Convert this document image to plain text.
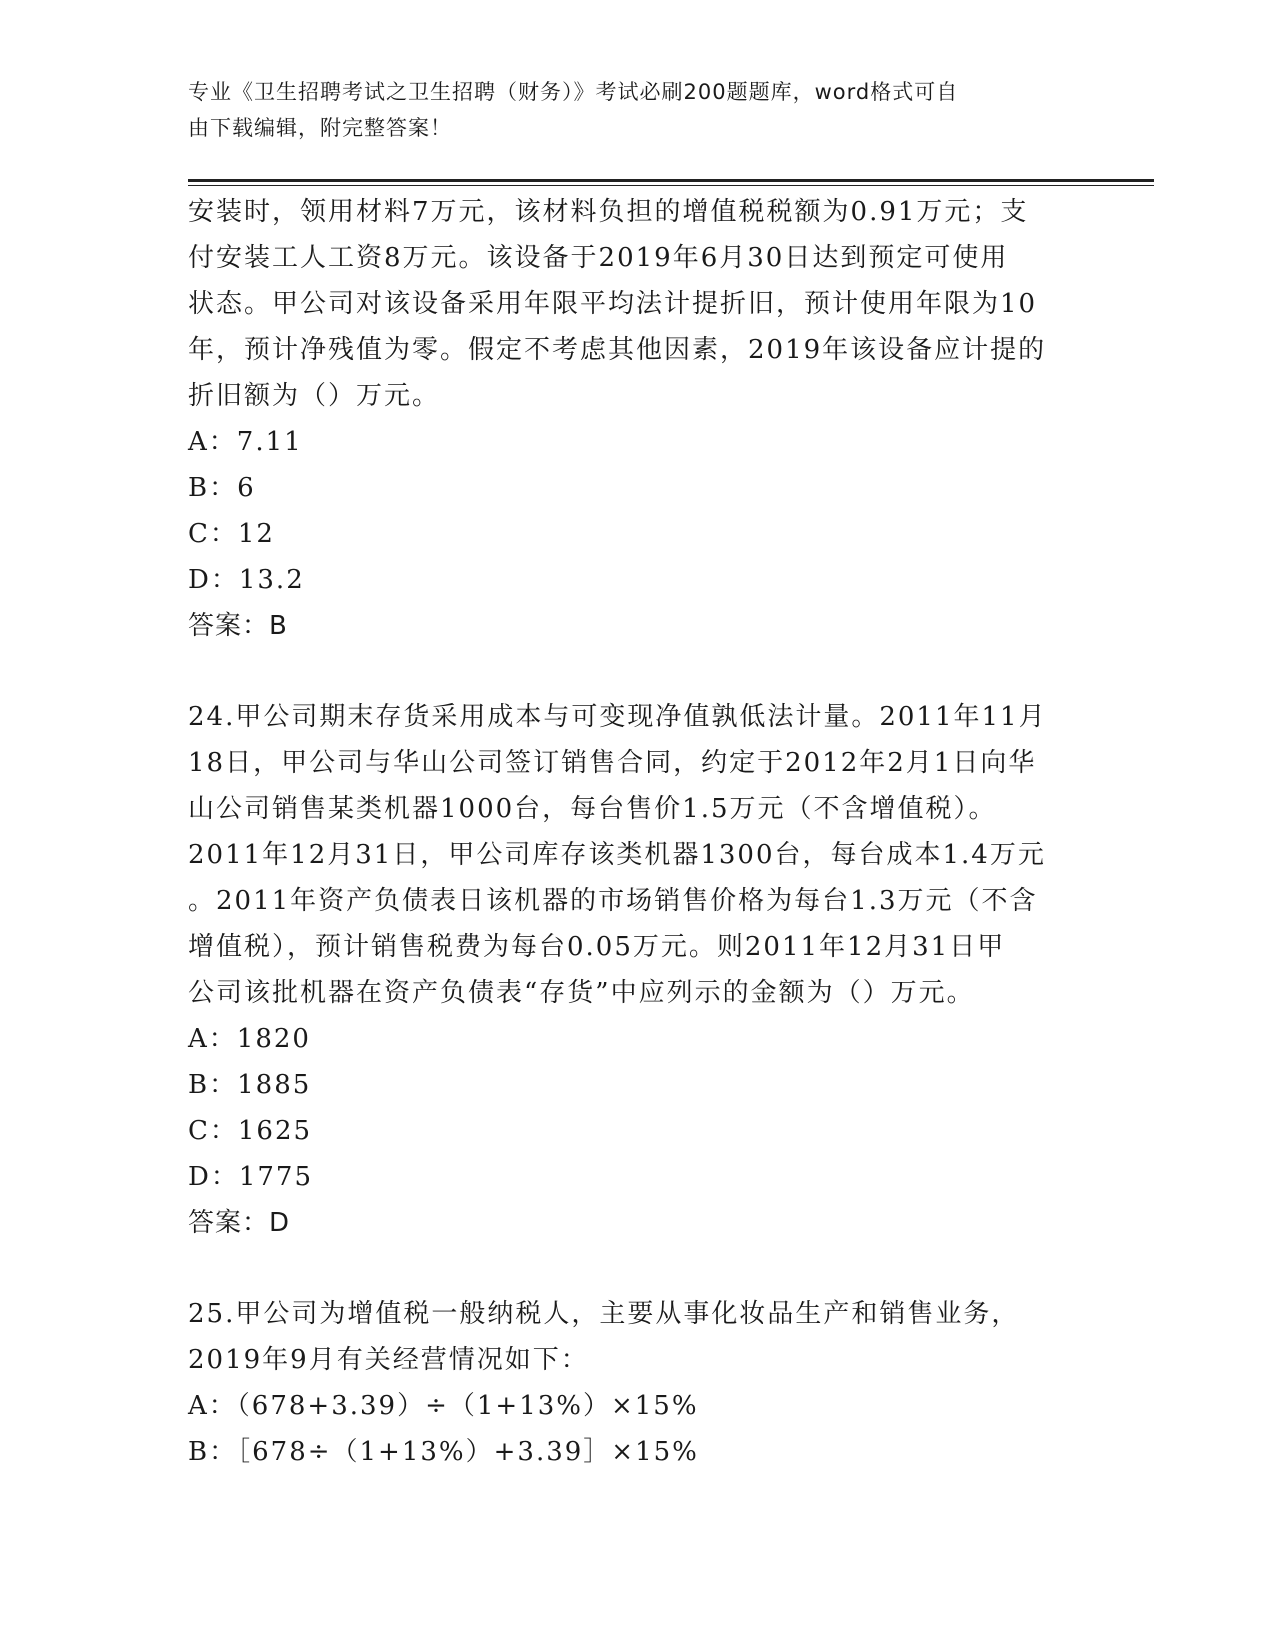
专业《卫生招聘考试之卫生招聘（财务）》考试必刷200题题库，word格式可自
由下载编辑，附完整答案！
安装时，领用材料7万元，该材料负担的增值税税额为0.91万元；支
付安装工人工资8万元。该设备于2019年6月30日达到预定可使用
状态。甲公司对该设备采用年限平均法计提折旧，预计使用年限为10
年，预计净残值为零。假定不考虑其他因素，2019年该设备应计提的
折旧额为（）万元。
A：7.11
B：6
C：12
D：13.2
答案：B
24.甲公司期末存货采用成本与可变现净值孰低法计量。2011年11月
18日，甲公司与华山公司签订销售合同，约定于2012年2月1日向华
山公司销售某类机器1000台，每台售价1.5万元（不含增值税）。
2011年12月31日，甲公司库存该类机器1300台，每台成本1.4万元
。2011年资产负债表日该机器的市场销售价格为每台1.3万元（不含
增值税），预计销售税费为每台0.05万元。则2011年12月31日甲
公司该批机器在资产负债表“存货”中应列示的金额为（）万元。
A：1820
B：1885
C：1625
D：1775
答案：D
25.甲公司为增值税一般纳税人，主要从事化妆品生产和销售业务，
2019年9月有关经营情况如下：
A：（678+3.39）÷（1+13%）×15%
B：［678÷（1+13%）+3.39］×15%
